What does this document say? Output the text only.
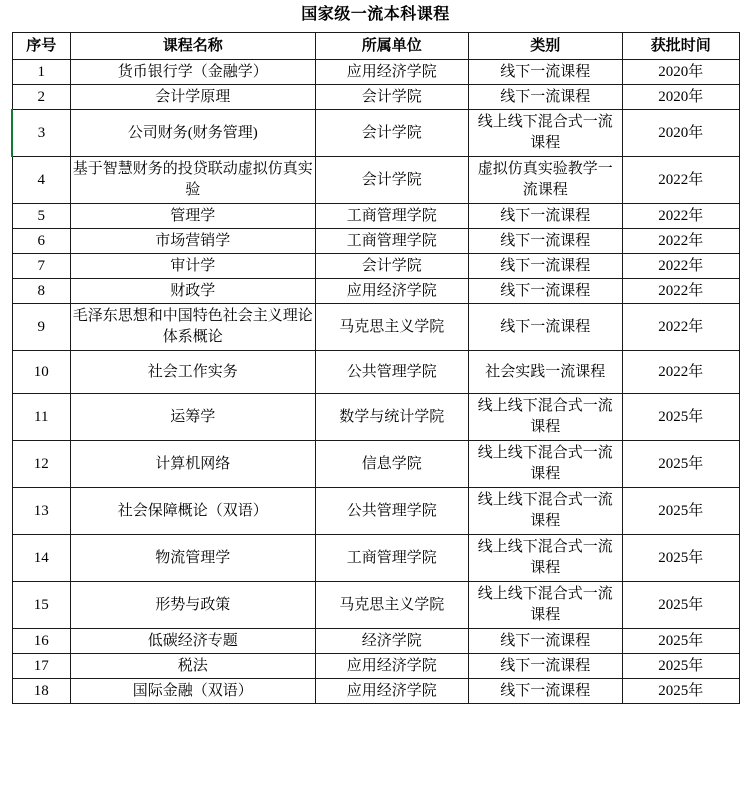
国家级一流本科课程
序号	课程名称	所属单位	类别	获批时间
1	货币银行学（金融学）	应用经济学院	线下一流课程	2020年
2	会计学原理	会计学院	线下一流课程	2020年
3	公司财务(财务管理)	会计学院	线上线下混合式一流课程	2020年
4	基于智慧财务的投贷联动虚拟仿真实验	会计学院	虚拟仿真实验教学一流课程	2022年
5	管理学	工商管理学院	线下一流课程	2022年
6	市场营销学	工商管理学院	线下一流课程	2022年
7	审计学	会计学院	线下一流课程	2022年
8	财政学	应用经济学院	线下一流课程	2022年
9	毛泽东思想和中国特色社会主义理论体系概论	马克思主义学院	线下一流课程	2022年
10	社会工作实务	公共管理学院	社会实践一流课程	2022年
11	运筹学	数学与统计学院	线上线下混合式一流课程	2025年
12	计算机网络	信息学院	线上线下混合式一流课程	2025年
13	社会保障概论（双语）	公共管理学院	线上线下混合式一流课程	2025年
14	物流管理学	工商管理学院	线上线下混合式一流课程	2025年
15	形势与政策	马克思主义学院	线上线下混合式一流课程	2025年
16	低碳经济专题	经济学院	线下一流课程	2025年
17	税法	应用经济学院	线下一流课程	2025年
18	国际金融（双语）	应用经济学院	线下一流课程	2025年
